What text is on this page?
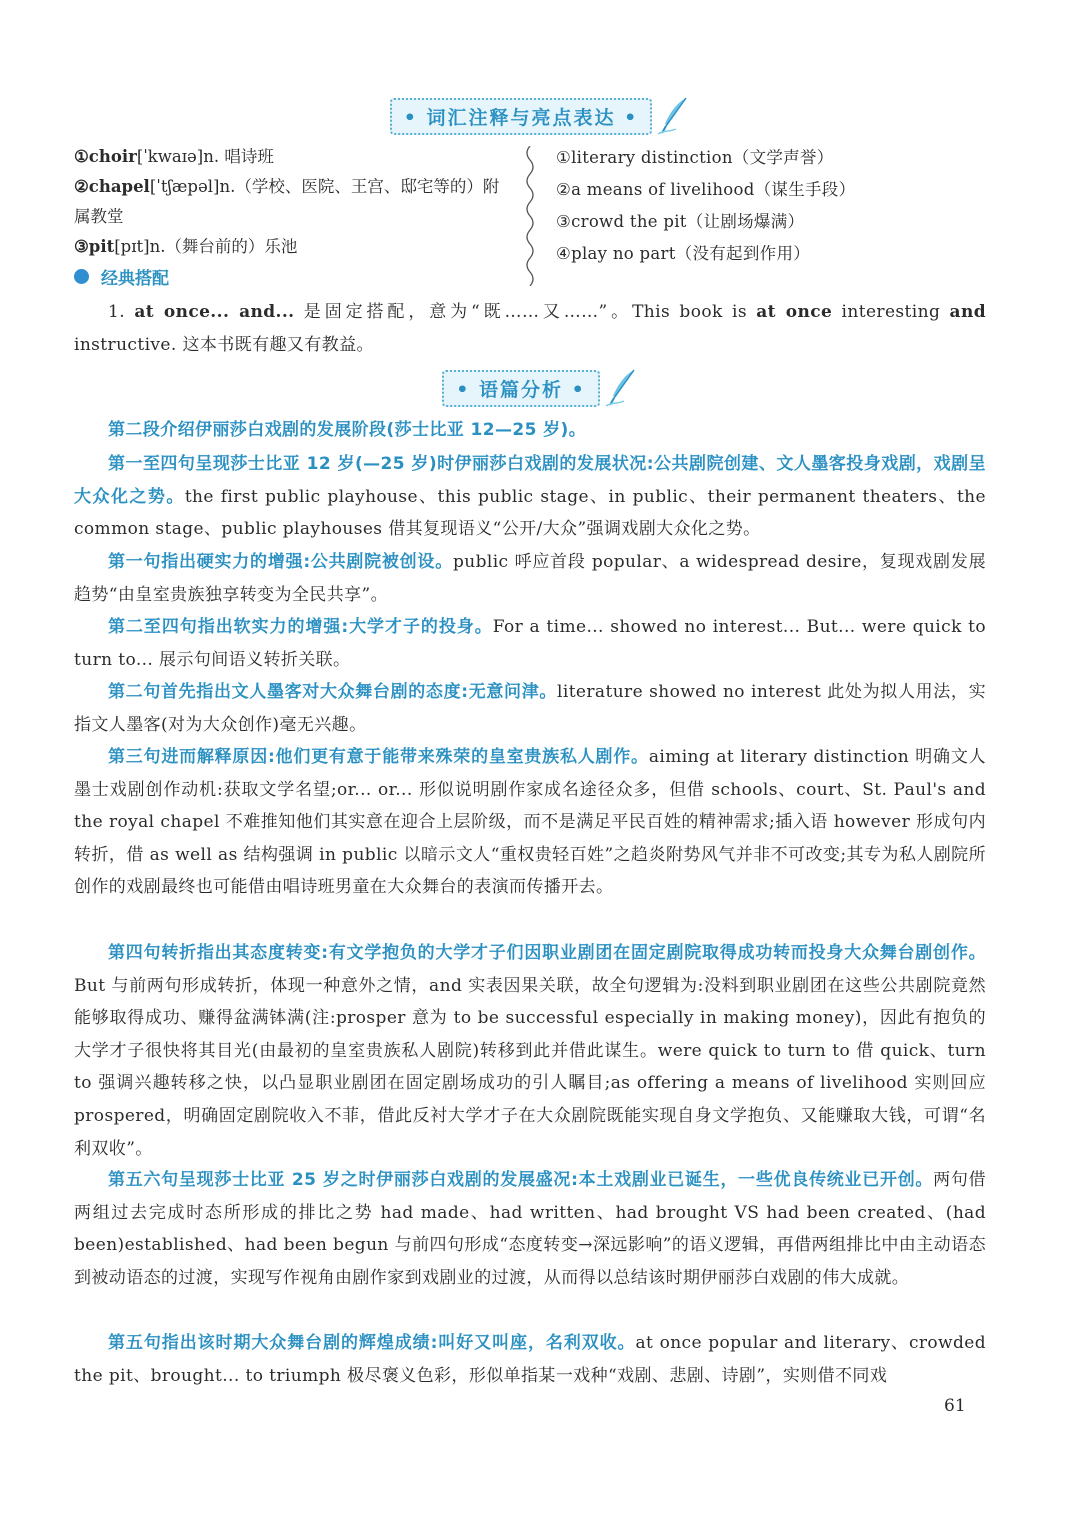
• 词汇注释与亮点表达 •
①choir[ˈkwaɪə]n. 唱诗班
②chapel[ˈtʃæpəl]n.（学校、医院、王宫、邸宅等的）附属教堂
③pit[pɪt]n.（舞台前的）乐池
①literary distinction（文学声誉）
②a means of livelihood（谋生手段）
③crowd the pit（让剧场爆满）
④play no part（没有起到作用）
经典搭配

1. at once... and... 是固定搭配，意为“既……又……”。This book is at once interesting and instructive. 这本书既有趣又有教益。

• 语篇分析 •

第二段介绍伊丽莎白戏剧的发展阶段(莎士比亚 12—25 岁)。

第一至四句呈现莎士比亚 12 岁(—25 岁)时伊丽莎白戏剧的发展状况:公共剧院创建、文人墨客投身戏剧，戏剧呈大众化之势。the first public playhouse、this public stage、in public、their permanent theaters、the common stage、public playhouses 借其复现语义“公开/大众”强调戏剧大众化之势。

第一句指出硬实力的增强:公共剧院被创设。public 呼应首段 popular、a widespread desire，复现戏剧发展趋势“由皇室贵族独享转变为全民共享”。

第二至四句指出软实力的增强:大学才子的投身。For a time... showed no interest... But... were quick to turn to... 展示句间语义转折关联。

第二句首先指出文人墨客对大众舞台剧的态度:无意问津。literature showed no interest 此处为拟人用法，实指文人墨客(对为大众创作)毫无兴趣。

第三句进而解释原因:他们更有意于能带来殊荣的皇室贵族私人剧作。aiming at literary distinction 明确文人墨士戏剧创作动机:获取文学名望;or... or... 形似说明剧作家成名途径众多，但借 schools、court、St. Paul's and the royal chapel 不难推知他们其实意在迎合上层阶级，而不是满足平民百姓的精神需求;插入语 however 形成句内转折，借 as well as 结构强调 in public 以暗示文人“重权贵轻百姓”之趋炎附势风气并非不可改变;其专为私人剧院所创作的戏剧最终也可能借由唱诗班男童在大众舞台的表演而传播开去。

第四句转折指出其态度转变:有文学抱负的大学才子们因职业剧团在固定剧院取得成功转而投身大众舞台剧创作。But 与前两句形成转折，体现一种意外之情，and 实表因果关联，故全句逻辑为:没料到职业剧团在这些公共剧院竟然能够取得成功、赚得盆满钵满(注:prosper 意为 to be successful especially in making money)，因此有抱负的大学才子很快将其目光(由最初的皇室贵族私人剧院)转移到此并借此谋生。were quick to turn to 借 quick、turn to 强调兴趣转移之快，以凸显职业剧团在固定剧场成功的引人瞩目;as offering a means of livelihood 实则回应 prospered，明确固定剧院收入不菲，借此反衬大学才子在大众剧院既能实现自身文学抱负、又能赚取大钱，可谓“名利双收”。

第五六句呈现莎士比亚 25 岁之时伊丽莎白戏剧的发展盛况:本土戏剧业已诞生，一些优良传统业已开创。两句借两组过去完成时态所形成的排比之势 had made、had written、had brought VS had been created、(had been)established、had been begun 与前四句形成“态度转变→深远影响”的语义逻辑，再借两组排比中由主动语态到被动语态的过渡，实现写作视角由剧作家到戏剧业的过渡，从而得以总结该时期伊丽莎白戏剧的伟大成就。

第五句指出该时期大众舞台剧的辉煌成绩:叫好又叫座，名利双收。at once popular and literary、crowded the pit、brought... to triumph 极尽褒义色彩，形似单指某一戏种“戏剧、悲剧、诗剧”，实则借不同戏

61
